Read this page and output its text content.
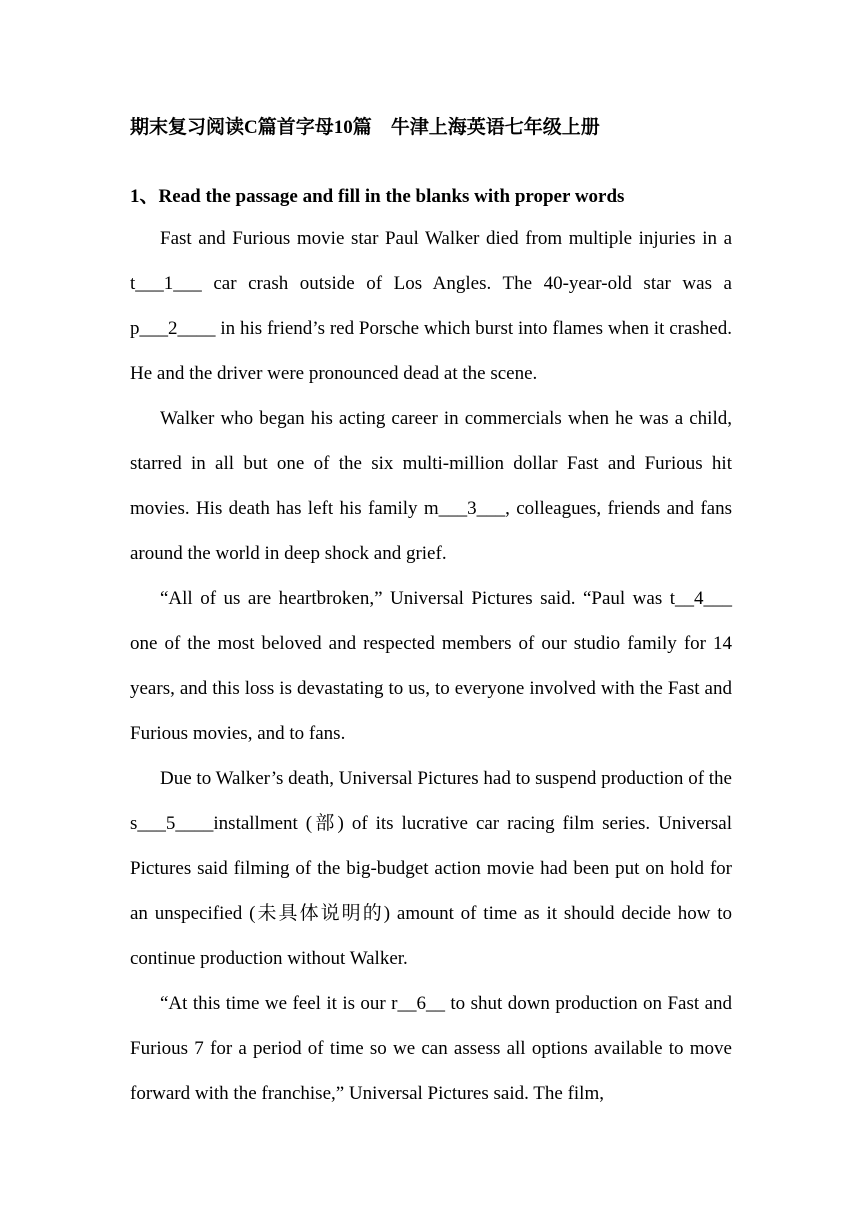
期末复习阅读C篇首字母10篇　牛津上海英语七年级上册
1、Read the passage and fill in the blanks with proper words

Fast and Furious movie star Paul Walker died from multiple injuries in a t___1___ car crash outside of Los Angles. The 40-year-old star was a p___2____ in his friend’s red Porsche which burst into flames when it crashed. He and the driver were pronounced dead at the scene.

Walker who began his acting career in commercials when he was a child, starred in all but one of the six multi-million dollar Fast and Furious hit movies. His death has left his family m___3___, colleagues, friends and fans around the world in deep shock and grief.

“All of us are heartbroken,” Universal Pictures said. “Paul was t__4___ one of the most beloved and respected members of our studio family for 14 years, and this loss is devastating to us, to everyone involved with the Fast and Furious movies, and to fans.

Due to Walker’s death, Universal Pictures had to suspend production of the s___5____installment (部) of its lucrative car racing film series. Universal Pictures said filming of the big-budget action movie had been put on hold for an unspecified (未具体说明的) amount of time as it should decide how to continue production without Walker.

“At this time we feel it is our r__6__ to shut down production on Fast and Furious 7 for a period of time so we can assess all options available to move forward with the franchise,” Universal Pictures said. The film,
